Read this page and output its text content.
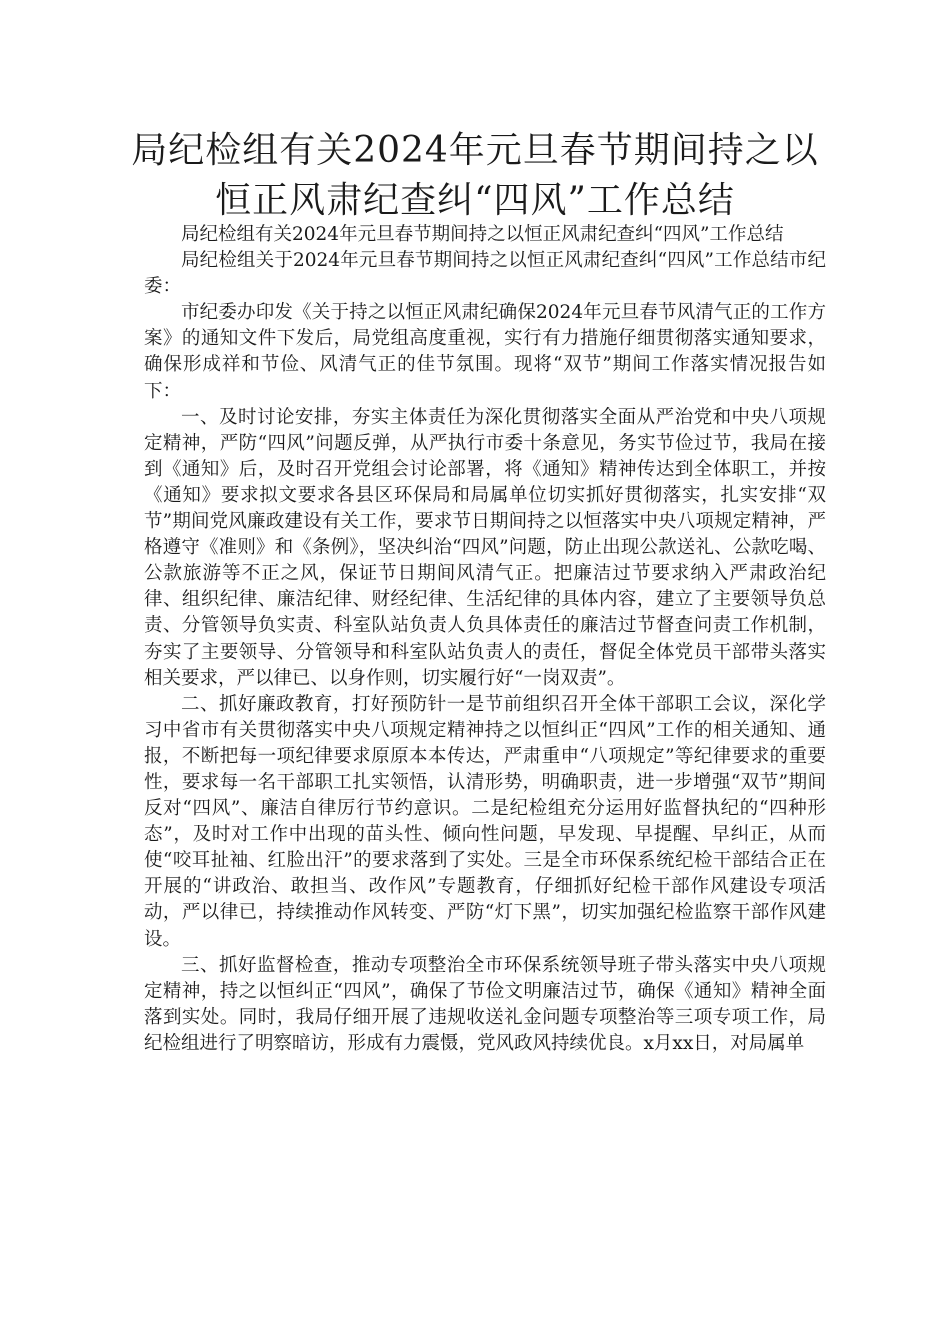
局纪检组有关2024年元旦春节期间持之以
恒正风肃纪查纠“四风”工作总结

局纪检组有关2024年元旦春节期间持之以恒正风肃纪查纠“四风”工作总结

局纪检组关于2024年元旦春节期间持之以恒正风肃纪查纠“四风”工作总结市纪委：

市纪委办印发《关于持之以恒正风肃纪确保2024年元旦春节风清气正的工作方案》的通知文件下发后，局党组高度重视，实行有力措施仔细贯彻落实通知要求，确保形成祥和节俭、风清气正的佳节氛围。现将“双节”期间工作落实情况报告如下：

一、及时讨论安排，夯实主体责任为深化贯彻落实全面从严治党和中央八项规定精神，严防“四风”问题反弹，从严执行市委十条意见，务实节俭过节，我局在接到《通知》后，及时召开党组会讨论部署，将《通知》精神传达到全体职工，并按《通知》要求拟文要求各县区环保局和局属单位切实抓好贯彻落实，扎实安排“双节”期间党风廉政建设有关工作，要求节日期间持之以恒落实中央八项规定精神，严格遵守《准则》和《条例》，坚决纠治“四风”问题，防止出现公款送礼、公款吃喝、公款旅游等不正之风，保证节日期间风清气正。把廉洁过节要求纳入严肃政治纪律、组织纪律、廉洁纪律、财经纪律、生活纪律的具体内容，建立了主要领导负总责、分管领导负实责、科室队站负责人负具体责任的廉洁过节督查问责工作机制，夯实了主要领导、分管领导和科室队站负责人的责任，督促全体党员干部带头落实相关要求，严以律已、以身作则，切实履行好“一岗双责”。

二、抓好廉政教育，打好预防针一是节前组织召开全体干部职工会议，深化学习中省市有关贯彻落实中央八项规定精神持之以恒纠正“四风”工作的相关通知、通报，不断把每一项纪律要求原原本本传达，严肃重申“八项规定”等纪律要求的重要性，要求每一名干部职工扎实领悟，认清形势，明确职责，进一步增强“双节”期间反对“四风”、廉洁自律厉行节约意识。二是纪检组充分运用好监督执纪的“四种形态”，及时对工作中出现的苗头性、倾向性问题，早发现、早提醒、早纠正，从而使“咬耳扯袖、红脸出汗”的要求落到了实处。三是全市环保系统纪检干部结合正在开展的“讲政治、敢担当、改作风”专题教育，仔细抓好纪检干部作风建设专项活动，严以律已，持续推动作风转变、严防“灯下黑”，切实加强纪检监察干部作风建设。

三、抓好监督检查，推动专项整治全市环保系统领导班子带头落实中央八项规定精神，持之以恒纠正“四风”，确保了节俭文明廉洁过节，确保《通知》精神全面落到实处。同时，我局仔细开展了违规收送礼金问题专项整治等三项专项工作，局纪检组进行了明察暗访，形成有力震慑，党风政风持续优良。x月xx日，对局属单
